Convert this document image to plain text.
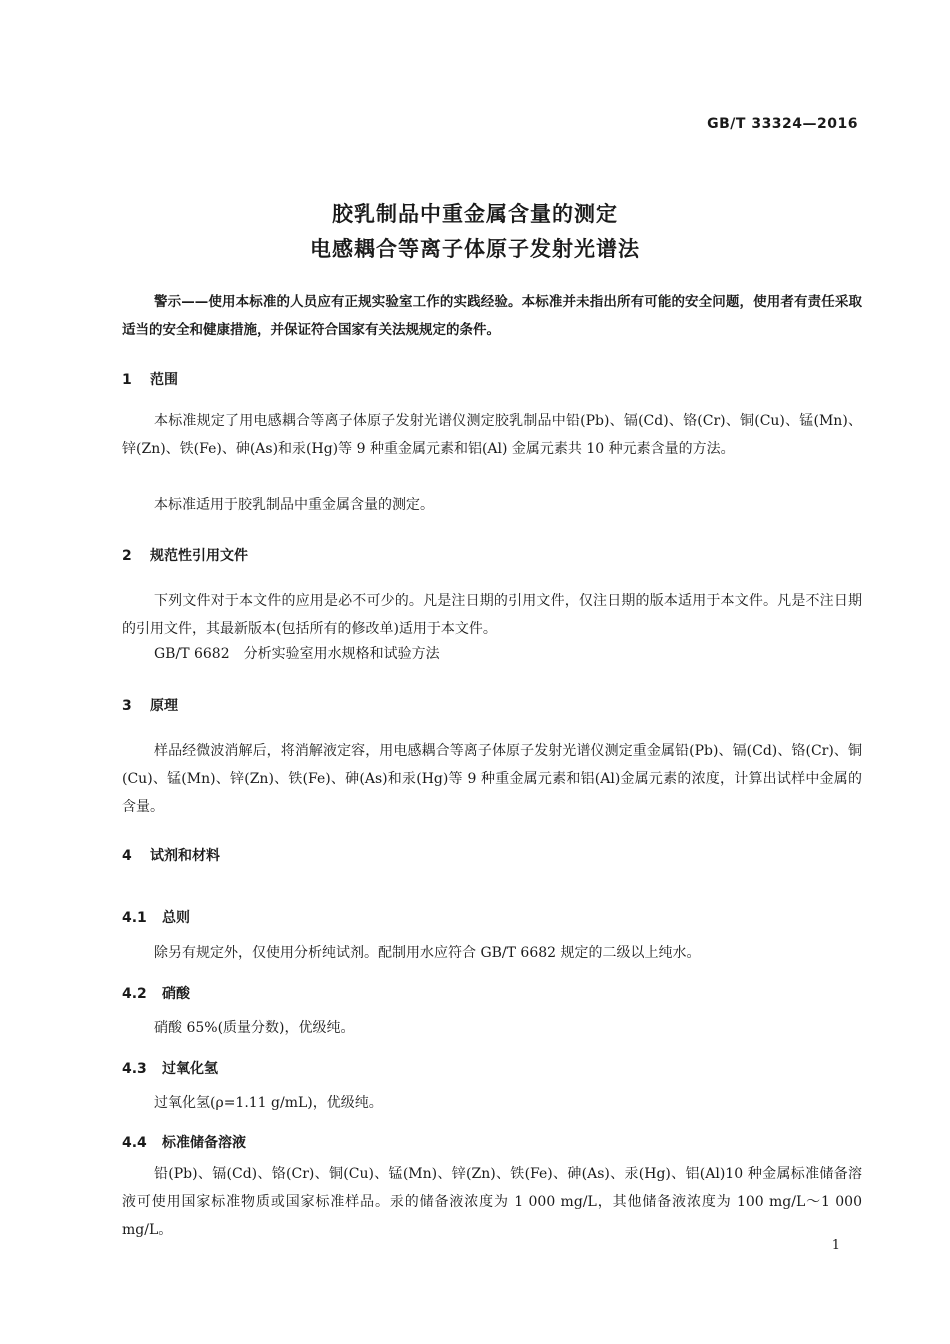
GB/T 33324—2016
胶乳制品中重金属含量的测定
电感耦合等离子体原子发射光谱法
警示——使用本标准的人员应有正规实验室工作的实践经验。本标准并未指出所有可能的安全问题，使用者有责任采取适当的安全和健康措施，并保证符合国家有关法规规定的条件。
1 范围
本标准规定了用电感耦合等离子体原子发射光谱仪测定胶乳制品中铅(Pb)、镉(Cd)、铬(Cr)、铜(Cu)、锰(Mn)、锌(Zn)、铁(Fe)、砷(As)和汞(Hg)等 9 种重金属元素和铝(Al) 金属元素共 10 种元素含量的方法。
本标准适用于胶乳制品中重金属含量的测定。
2 规范性引用文件
下列文件对于本文件的应用是必不可少的。凡是注日期的引用文件，仅注日期的版本适用于本文件。凡是不注日期的引用文件，其最新版本(包括所有的修改单)适用于本文件。
GB/T 6682　分析实验室用水规格和试验方法
3 原理
样品经微波消解后，将消解液定容，用电感耦合等离子体原子发射光谱仪测定重金属铅(Pb)、镉(Cd)、铬(Cr)、铜(Cu)、锰(Mn)、锌(Zn)、铁(Fe)、砷(As)和汞(Hg)等 9 种重金属元素和铝(Al)金属元素的浓度，计算出试样中金属的含量。
4 试剂和材料
4.1 总则
除另有规定外，仅使用分析纯试剂。配制用水应符合 GB/T 6682 规定的二级以上纯水。
4.2 硝酸
硝酸 65%(质量分数)，优级纯。
4.3 过氧化氢
过氧化氢(ρ=1.11 g/mL)，优级纯。
4.4 标准储备溶液
铅(Pb)、镉(Cd)、铬(Cr)、铜(Cu)、锰(Mn)、锌(Zn)、铁(Fe)、砷(As)、汞(Hg)、铝(Al)10 种金属标准储备溶液可使用国家标准物质或国家标准样品。汞的储备液浓度为 1 000 mg/L，其他储备液浓度为 100 mg/L～1 000 mg/L。
1
